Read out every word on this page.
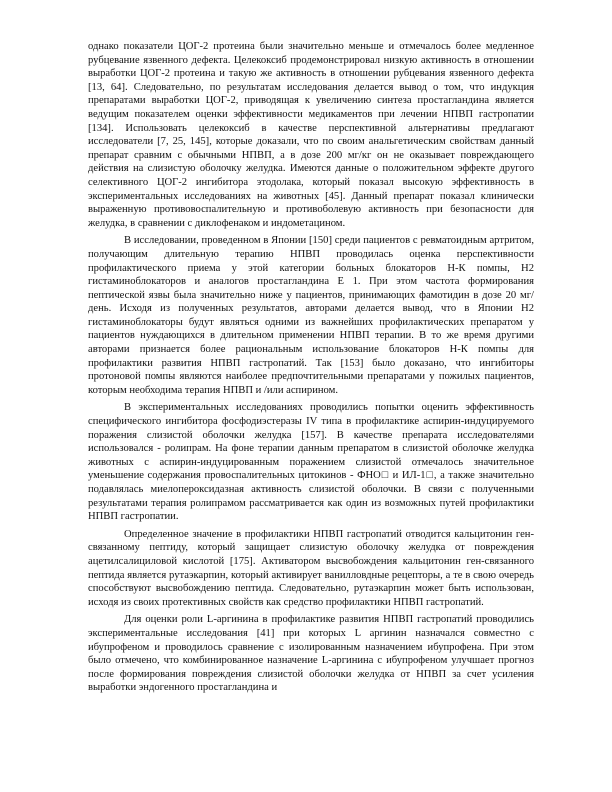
однако показатели ЦОГ-2 протеина были значительно меньше и отмечалось более медленное рубцевание язвенного дефекта. Целекоксиб продемонстрировал низкую активность в отношении выработки ЦОГ-2 протеина и такую же активность в отношении рубцевания язвенного дефекта [13, 64]. Следовательно, по результатам исследования делается вывод о том, что индукция препаратами выработки ЦОГ-2, приводящая к увеличению синтеза простагландина является ведущим показателем оценки эффективности медикаментов при лечении НПВП гастропатии [134]. Использовать целекоксиб в качестве перспективной альтернативы предлагают исследователи [7, 25, 145], которые доказали, что по своим анальгетическим свойствам данный препарат сравним с обычными НПВП, а в дозе 200 мг/кг он не оказывает повреждающего действия на слизистую оболочку желудка. Имеются данные о положительном эффекте другого селективного ЦОГ-2 ингибитора этодолака, который показал высокую эффективность в экспериментальных исследованиях на животных [45]. Данный препарат показал клинически выраженную противовоспалительную и противоболевую активность при безопасности для желудка, в сравнении с диклофенаком и индометацином.

В исследовании, проведенном в Японии [150] среди пациентов с ревматоидным артритом, получающим длительную терапию НПВП проводилась оценка перспективности профилактического приема у этой категории больных блокаторов Н-К помпы, Н2 гистаминоблокаторов и аналогов простагландина Е 1. При этом частота формирования пептической язвы была значительно ниже у пациентов, принимающих фамотидин в дозе 20 мг/день. Исходя из полученных результатов, авторами делается вывод, что в Японии Н2 гистаминоблокаторы будут являться одними из важнейших профилактических препаратом у пациентов нуждающихся в длительном применении НПВП терапии. В то же время другими авторами признается более рациональным использование блокаторов Н-К помпы для профилактики развития НПВП гастропатий. Так [153] было доказано, что ингибиторы протоновой помпы являются наиболее предпочтительными препаратами у пожилых пациентов, которым необходима терапия НПВП и /или аспирином.

В экспериментальных исследованиях проводились попытки оценить эффективность специфического ингибитора фосфодиэстеразы IV типа в профилактике аспирин-индуцируемого поражения слизистой оболочки желудка [157]. В качестве препарата исследователями использовался - ролипрам. На фоне терапии данным препаратом в слизистой оболочке желудка животных с аспирин-индуцированным поражением слизистой отмечалось значительное уменьшение содержания провоспалительных цитокинов - ФНО□ и ИЛ-1□, а также значительно подавлялась миелопероксидазная активность слизистой оболочки. В связи с полученными результатами терапия ролипрамом рассматривается как один из возможных путей профилактики НПВП гастропатии.

Определенное значение в профилактики НПВП гастропатий отводится кальцитонин ген-связанному пептиду, который защищает слизистую оболочку желудка от повреждения ацетилсалициловой кислотой [175]. Активатором высвобождения кальцитонин ген-связанного пептида является рутаэкарпин, который активирует ванилловдные рецепторы, а те в свою очередь способствуют высвобождению пептида. Следовательно, рутаэкарпин может быть использован, исходя из своих протективных свойств как средство профилактики НПВП гастропатий.

Для оценки роли L-аргинина в профилактике развития НПВП гастропатий проводились экспериментальные исследования [41] при которых L аргинин назначался совместно с ибупрофеном и проводилось сравнение с изолированным назначением ибупрофена. При этом было отмечено, что комбинированное назначение L-аргинина с ибупрофеном улучшает прогноз после формирования повреждения слизистой оболочки желудка от НПВП за счет усиления выработки эндогенного простагландина и
